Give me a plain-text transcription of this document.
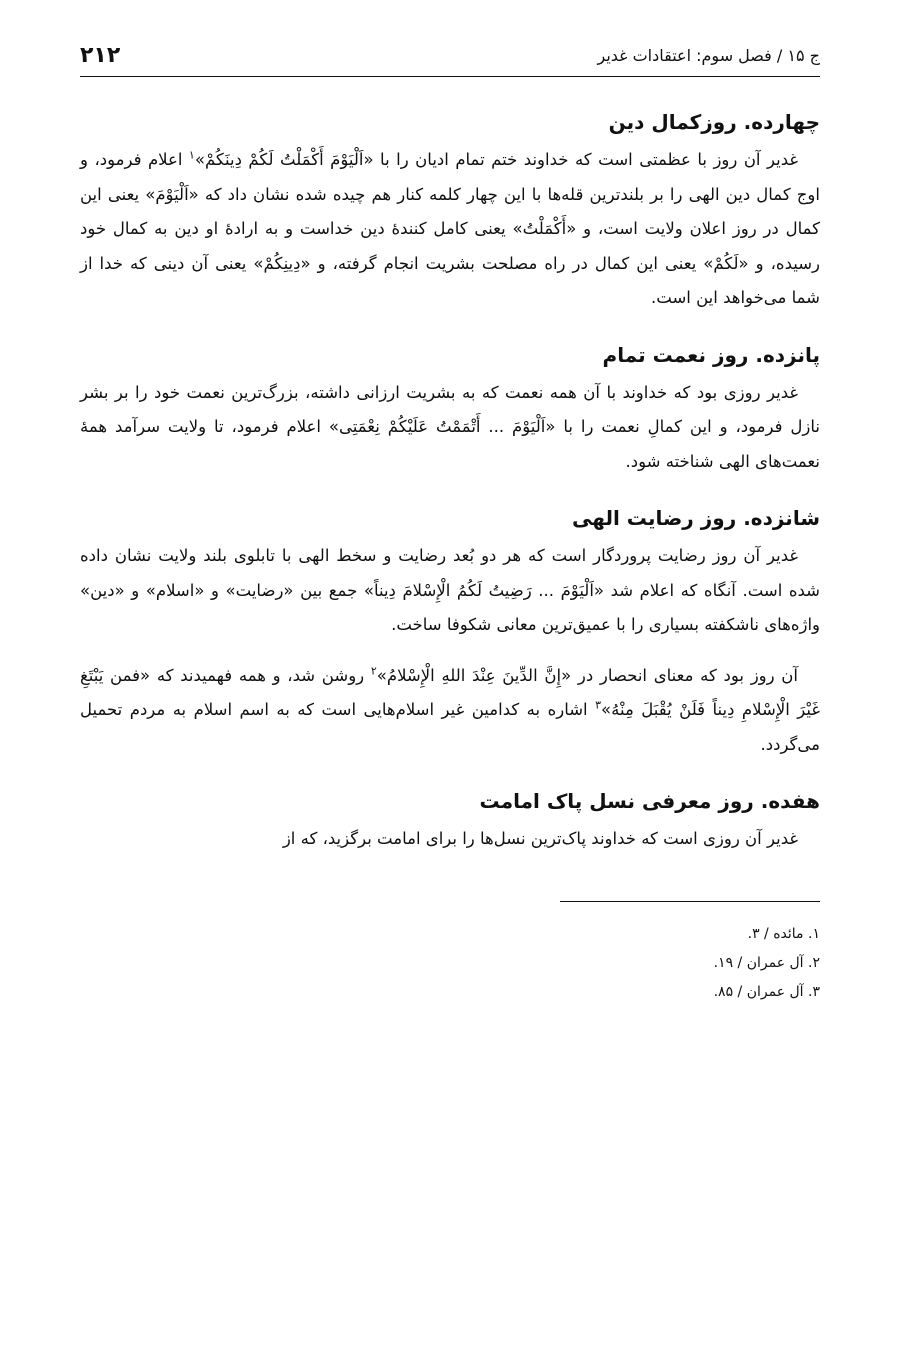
ج ۱۵ / فصل سوم: اعتقادات غدیر
۲۱۲
چهارده. روزکمال دین

غدیر آن روز با عظمتی است که خداوند ختم تمام ادیان را با «اَلْیَوْمَ أَکْمَلْتُ لَکُمْ دِینَکُمْ»$^۱$ اعلام فرمود، و اوج کمال دین الهی را بر بلندترین قله‌ها با این چهار کلمه کنار هم چیده شده نشان داد که «اَلْیَوْمَ» یعنی این کمال در روز اعلان ولایت است، و «أَکْمَلْتُ» یعنی کامل کنندهٔ دین خداست و به ارادهٔ او دین به کمال خود رسیده، و «لَکُمْ» یعنی این کمال در راه مصلحت بشریت انجام گرفته، و «دِینِکُمْ» یعنی آن دینی که خدا از شما می‌خواهد این است.

پانزده. روز نعمت تمام

غدیر روزی بود که خداوند با آن همه نعمت که به بشریت ارزانی داشته، بزرگ‌ترین نعمت خود را بر بشر نازل فرمود، و این کمالِ نعمت را با «اَلْیَوْمَ ... أَتْمَمْتُ عَلَیْکُمْ نِعْمَتِی» اعلام فرمود، تا ولایت سرآمد همهٔ نعمت‌های الهی شناخته شود.

شانزده. روز رضایت الهی

غدیر آن روز رضایت پروردگار است که هر دو بُعد رضایت و سخط الهی با تابلوی بلند ولایت نشان داده شده است. آنگاه که اعلام شد «اَلْیَوْمَ ... رَضِیتُ لَکُمُ الْإِسْلامَ دِیناً» جمع بین «رضایت» و «اسلام» و «دین» واژه‌های ناشکفته بسیاری را با عمیق‌ترین معانی شکوفا ساخت.

آن روز بود که معنای انحصار در «إِنَّ الدِّینَ عِنْدَ اللهِ الْإِسْلامُ»$^۲$ روشن شد، و همه فهمیدند که «فمن یَبْتَغِ غَیْرَ الْإِسْلامِ دِیناً فَلَنْ یُقْبَلَ مِنْهُ»$^۳$ اشاره به کدامین غیر اسلام‌هایی است که به اسم اسلام به مردم تحمیل می‌گردد.

هفده. روز معرفی نسل پاک امامت

غدیر آن روزی است که خداوند پاک‌ترین نسل‌ها را برای امامت برگزید، که از

۱. مائده / ۳.

۲. آل عمران / ۱۹.

۳. آل عمران / ۸۵.
